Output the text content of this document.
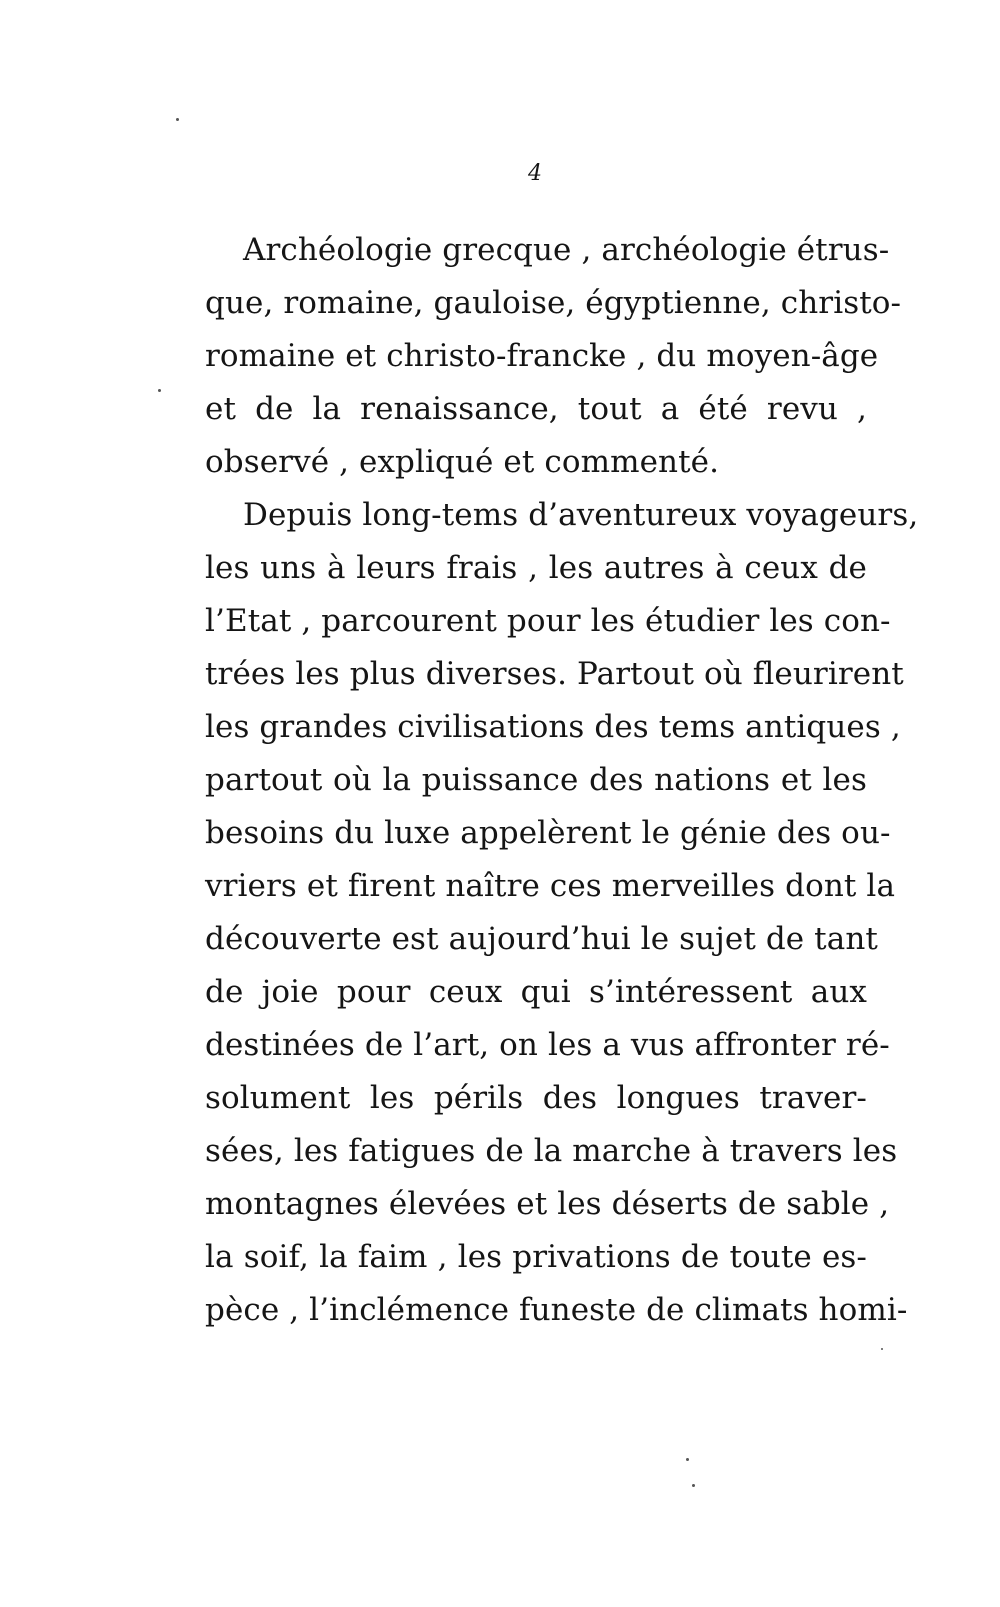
4
Archéologie grecque , archéologie étrus-
que, romaine, gauloise, égyptienne, christo-
romaine et christo-francke , du moyen-âge
et de la renaissance, tout a été revu ,
observé , expliqué et commenté.
Depuis long-tems d’aventureux voyageurs,
les uns à leurs frais , les autres à ceux de
l’Etat , parcourent pour les étudier les con-
trées les plus diverses. Partout où fleurirent
les grandes civilisations des tems antiques ,
partout où la puissance des nations et les
besoins du luxe appelèrent le génie des ou-
vriers et firent naître ces merveilles dont la
découverte est aujourd’hui le sujet de tant
de joie pour ceux qui s’intéressent aux
destinées de l’art, on les a vus affronter ré-
solument les périls des longues traver-
sées, les fatigues de la marche à travers les
montagnes élevées et les déserts de sable ,
la soif, la faim , les privations de toute es-
pèce , l’inclémence funeste de climats homi-
